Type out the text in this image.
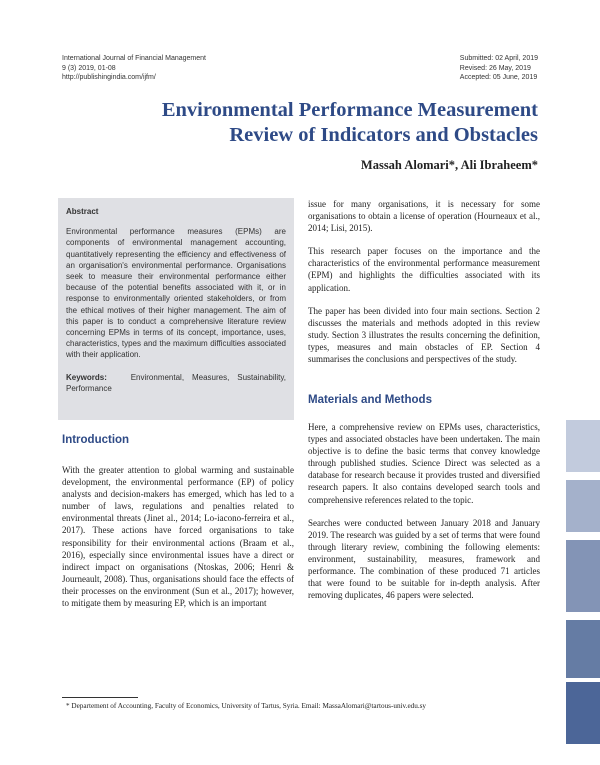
International Journal of Financial Management
9 (3) 2019, 01-08
http://publishingindia.com/ijfm/
Submitted: 02 April, 2019
Revised: 26 May, 2019
Accepted: 05 June, 2019
Environmental Performance Measurement
Review of Indicators and Obstacles
Massah Alomari*, Ali Ibraheem*
Abstract

Environmental performance measures (EPMs) are components of environmental management accounting, quantitatively representing the efficiency and effectiveness of an organisation's environmental performance. Organisations seek to measure their environmental performance either because of the potential benefits associated with it, or in response to environmentally oriented stakeholders, or from the ethical motives of their higher management. The aim of this paper is to conduct a comprehensive literature review concerning EPMs in terms of its concept, importance, uses, characteristics, types and the maximum difficulties associated with their application.

Keywords:	Environmental, Measures, Sustainability, Performance

Introduction
With the greater attention to global warming and sustainable development, the environmental performance (EP) of policy analysts and decision-makers has emerged, which has led to a number of laws, regulations and penalties related to environmental threats (Jinet al., 2014; Lo-iacono-ferreira et al., 2017). These actions have forced organisations to take responsibility for their environmental actions (Braam et al., 2016), especially since environmental issues have a direct or indirect impact on organisations (Ntoskas, 2006; Henri & Journeault, 2008). Thus, organisations should face the effects of their processes on the environment (Sun et al., 2017); however, to mitigate them by measuring EP, which is an important

issue for many organisations, it is necessary for some organisations to obtain a license of operation (Hourneaux et al., 2014; Lisi, 2015).

This research paper focuses on the importance and the characteristics of the environmental performance measurement (EPM) and highlights the difficulties associated with its application.

The paper has been divided into four main sections. Section 2 discusses the materials and methods adopted in this review study. Section 3 illustrates the results concerning the definition, types, measures and main obstacles of EP. Section 4 summarises the conclusions and perspectives of the study.

Materials and Methods

Here, a comprehensive review on EPMs uses, characteristics, types and associated obstacles have been undertaken. The main objective is to define the basic terms that convey knowledge through published studies. Science Direct was selected as a database for research because it provides trusted and diversified research papers. It also contains developed search tools and comprehensive references related to the topic.

Searches were conducted between January 2018 and January 2019. The research was guided by a set of terms that were found through literary review, combining the following elements: environment, sustainability, measures, framework and performance. The combination of these produced 71 articles that were found to be suitable for in-depth analysis. After removing duplicates, 46 papers were selected.

* Departement of Accounting, Faculty of Economics, University of Tartus, Syria. Email: MassaAlomari@tartous-univ.edu.sy
